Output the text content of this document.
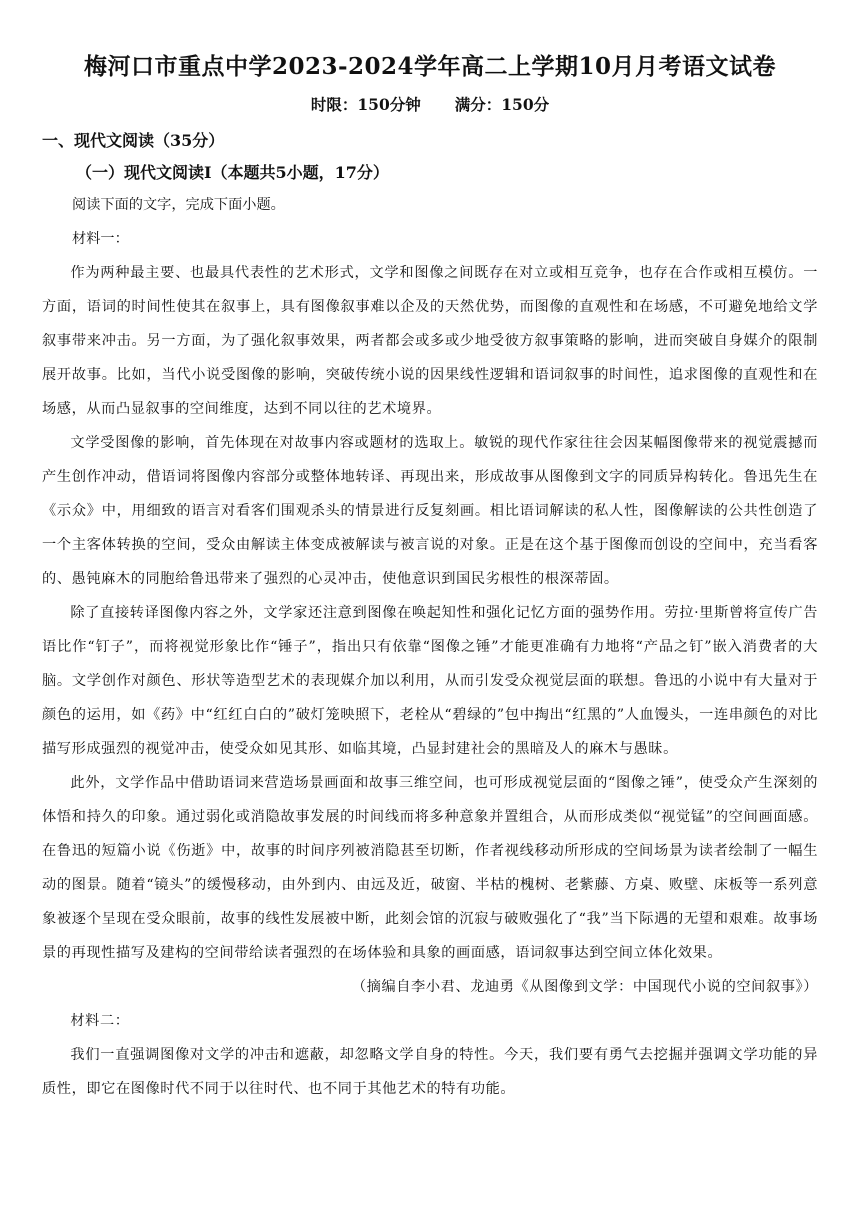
梅河口市重点中学2023-2024学年高二上学期10月月考语文试卷
时限：150分钟 满分：150分
一、现代文阅读（35分）
（一）现代文阅读Ⅰ（本题共5小题，17分）
阅读下面的文字，完成下面小题。
材料一：

作为两种最主要、也最具代表性的艺术形式，文学和图像之间既存在对立或相互竞争，也存在合作或相互模仿。一方面，语词的时间性使其在叙事上，具有图像叙事难以企及的天然优势，而图像的直观性和在场感，不可避免地给文学叙事带来冲击。另一方面，为了强化叙事效果，两者都会或多或少地受彼方叙事策略的影响，进而突破自身媒介的限制展开故事。比如，当代小说受图像的影响，突破传统小说的因果线性逻辑和语词叙事的时间性，追求图像的直观性和在场感，从而凸显叙事的空间维度，达到不同以往的艺术境界。

文学受图像的影响，首先体现在对故事内容或题材的选取上。敏锐的现代作家往往会因某幅图像带来的视觉震撼而产生创作冲动，借语词将图像内容部分或整体地转译、再现出来，形成故事从图像到文字的同质异构转化。鲁迅先生在《示众》中，用细致的语言对看客们围观杀头的情景进行反复刻画。相比语词解读的私人性，图像解读的公共性创造了一个主客体转换的空间，受众由解读主体变成被解读与被言说的对象。正是在这个基于图像而创设的空间中，充当看客的、愚钝麻木的同胞给鲁迅带来了强烈的心灵冲击，使他意识到国民劣根性的根深蒂固。

除了直接转译图像内容之外，文学家还注意到图像在唤起知性和强化记忆方面的强势作用。劳拉·里斯曾将宣传广告语比作“钉子”，而将视觉形象比作“锤子”，指出只有依靠“图像之锤”才能更准确有力地将“产品之钉”嵌入消费者的大脑。文学创作对颜色、形状等造型艺术的表现媒介加以利用，从而引发受众视觉层面的联想。鲁迅的小说中有大量对于颜色的运用，如《药》中“红红白白的”破灯笼映照下，老栓从“碧绿的”包中掏出“红黑的”人血馒头，一连串颜色的对比描写形成强烈的视觉冲击，使受众如见其形、如临其境，凸显封建社会的黑暗及人的麻木与愚昧。

此外，文学作品中借助语词来营造场景画面和故事三维空间，也可形成视觉层面的“图像之锤”，使受众产生深刻的体悟和持久的印象。通过弱化或消隐故事发展的时间线而将多种意象并置组合，从而形成类似“视觉锰”的空间画面感。在鲁迅的短篇小说《伤逝》中，故事的时间序列被消隐甚至切断，作者视线移动所形成的空间场景为读者绘制了一幅生动的图景。随着“镜头”的缓慢移动，由外到内、由远及近，破窗、半枯的槐树、老紫藤、方桌、败壁、床板等一系列意象被逐个呈现在受众眼前，故事的线性发展被中断，此刻会馆的沉寂与破败强化了“我”当下际遇的无望和艰难。故事场景的再现性描写及建构的空间带给读者强烈的在场体验和具象的画面感，语词叙事达到空间立体化效果。

（摘编自李小君、龙迪勇《从图像到文学：中国现代小说的空间叙事》）

材料二：

我们一直强调图像对文学的冲击和遮蔽，却忽略文学自身的特性。今天，我们要有勇气去挖掘并强调文学功能的异质性，即它在图像时代不同于以往时代、也不同于其他艺术的特有功能。
